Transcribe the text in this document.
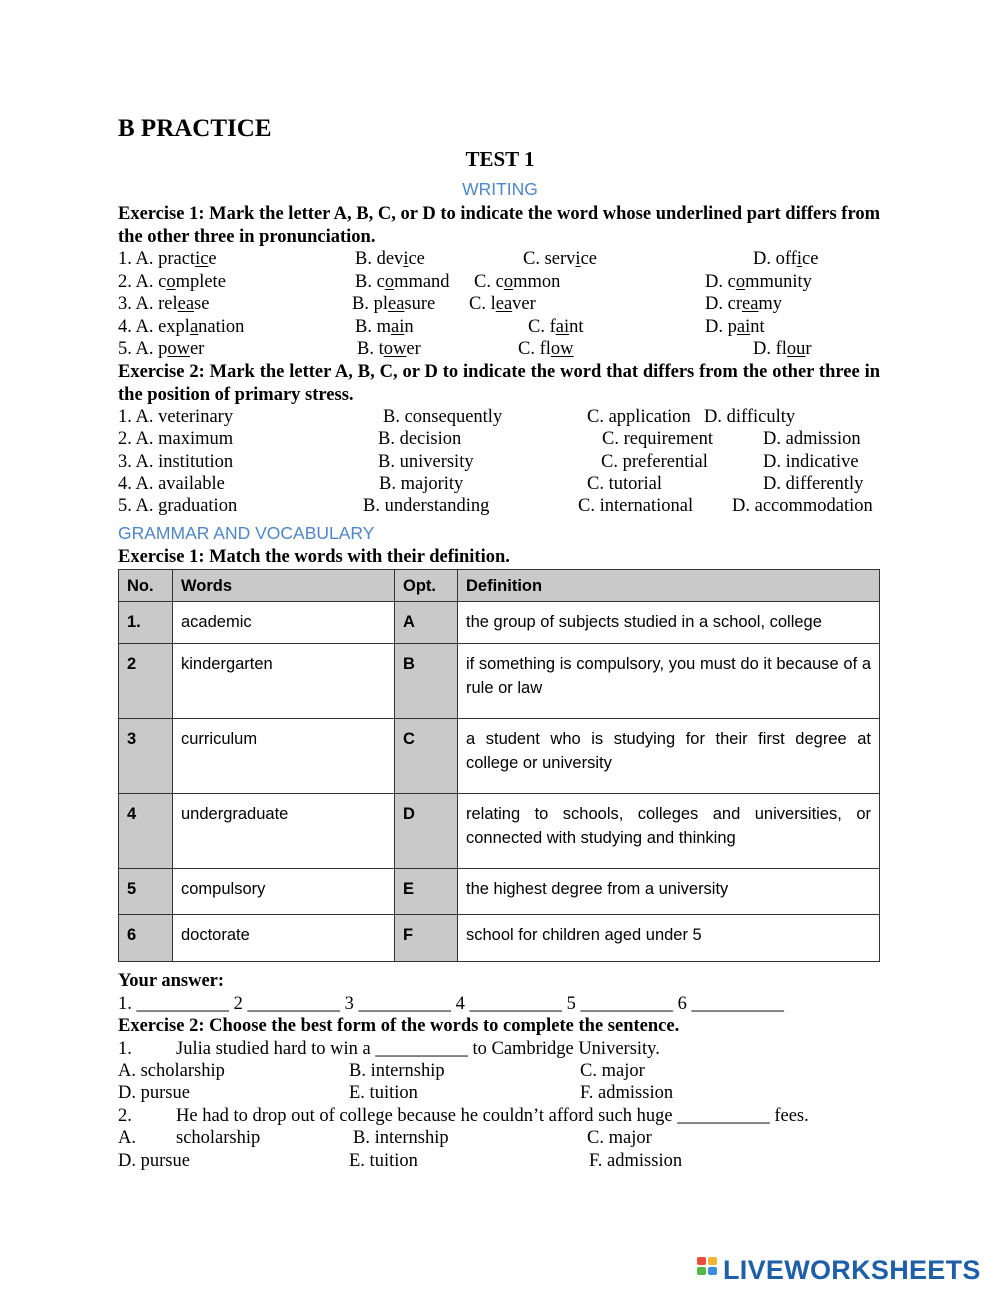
B PRACTICE
TEST 1
WRITING
Exercise 1: Mark the letter A, B, C, or D to indicate the word whose underlined part differs from the other three in pronunciation.
1. A. practice	B. device	C. service	D. office
2. A. complete	B. command C. common	D. community
3. A. release	B. pleasure C. leaver	D. creamy
4. A. explanation	B. main	C. faint	D. paint
5. A. power	B. tower	C. flow	D. flour
Exercise 2: Mark the letter A, B, C, or D to indicate the word that differs from the other three in the position of primary stress.
1. A. veterinary	B. consequently	C. application D. difficulty
2. A. maximum	B. decision	C. requirement	D. admission
3. A. institution	B. university	C. preferential	D. indicative
4. A. available	B. majority	C. tutorial	D. differently
5. A. graduation	B. understanding	C. international D. accommodation
GRAMMAR AND VOCABULARY
Exercise 1: Match the words with their definition.
No.	Words	Opt.	Definition
1.	academic	A	the group of subjects studied in a school, college
2	kindergarten	B	if something is compulsory, you must do it because of a rule or law
3	curriculum	C	a student who is studying for their first degree at college or university
4	undergraduate	D	relating to schools, colleges and universities, or connected with studying and thinking
5	compulsory	E	the highest degree from a university
6	doctorate	F	school for children aged under 5
Your answer:
1. __________ 2 __________ 3 __________ 4 __________ 5 __________ 6 __________
Exercise 2: Choose the best form of the words to complete the sentence.
1. Julia studied hard to win a __________ to Cambridge University.
A. scholarship	B. internship	C. major
D. pursue	E. tuition	F. admission
2. He had to drop out of college because he couldn’t afford such huge __________ fees.
A. scholarship	B. internship	C. major
D. pursue	E. tuition	F. admission
LIVEWORKSHEETS
